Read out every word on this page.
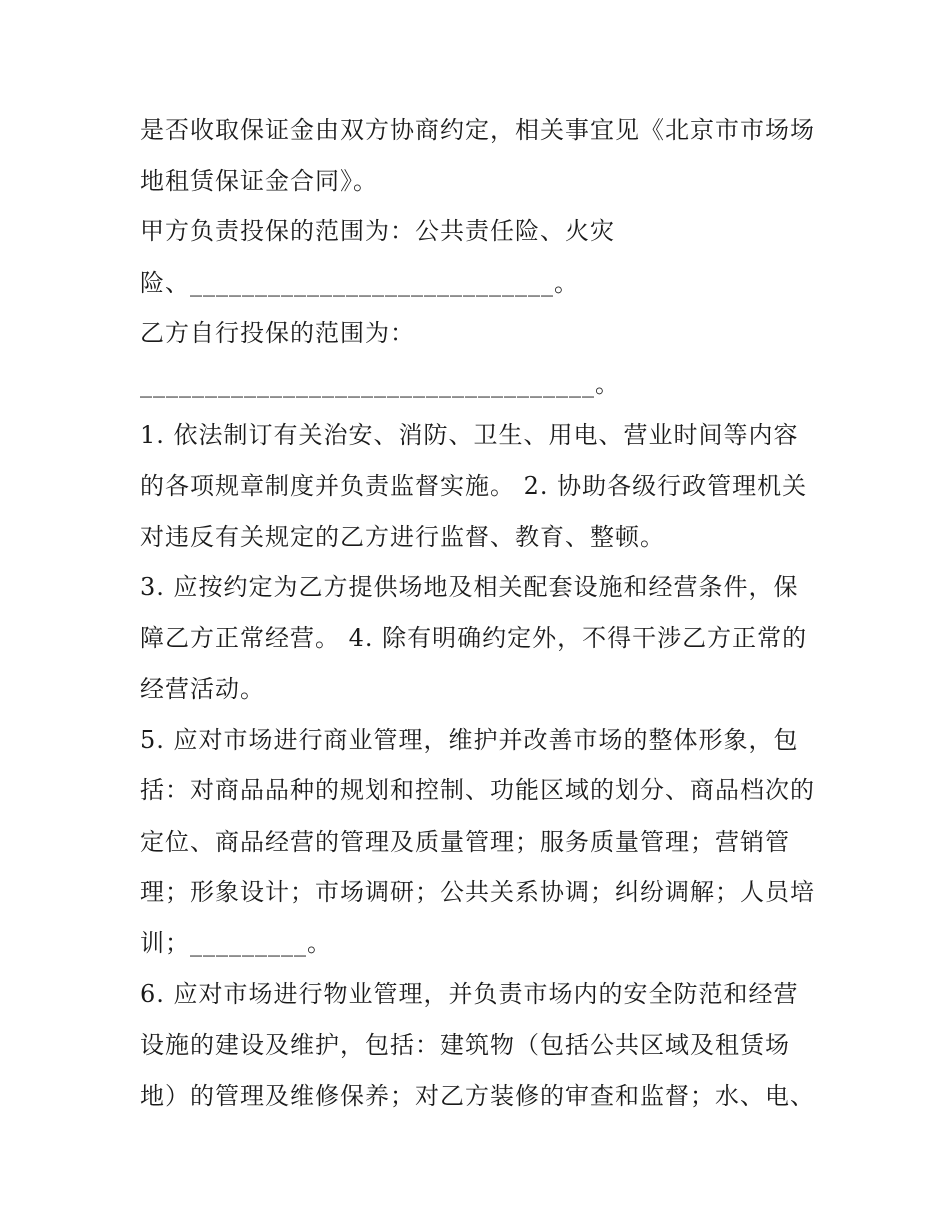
是否收取保证金由双方协商约定，相关事宜见《北京市市场场
地租赁保证金合同》。
甲方负责投保的范围为：公共责任险、火灾
险、____________________________。
乙方自行投保的范围为：
___________________________________。
1. 依法制订有关治安、消防、卫生、用电、营业时间等内容
的各项规章制度并负责监督实施。 2. 协助各级行政管理机关
对违反有关规定的乙方进行监督、教育、整顿。
3. 应按约定为乙方提供场地及相关配套设施和经营条件，保
障乙方正常经营。 4. 除有明确约定外，不得干涉乙方正常的
经营活动。
5. 应对市场进行商业管理，维护并改善市场的整体形象，包
括：对商品品种的规划和控制、功能区域的划分、商品档次的
定位、商品经营的管理及质量管理；服务质量管理；营销管
理；形象设计；市场调研；公共关系协调；纠纷调解；人员培
训；_________。
6. 应对市场进行物业管理，并负责市场内的安全防范和经营
设施的建设及维护，包括：建筑物（包括公共区域及租赁场
地）的管理及维修保养；对乙方装修的审查和监督；水、电、
